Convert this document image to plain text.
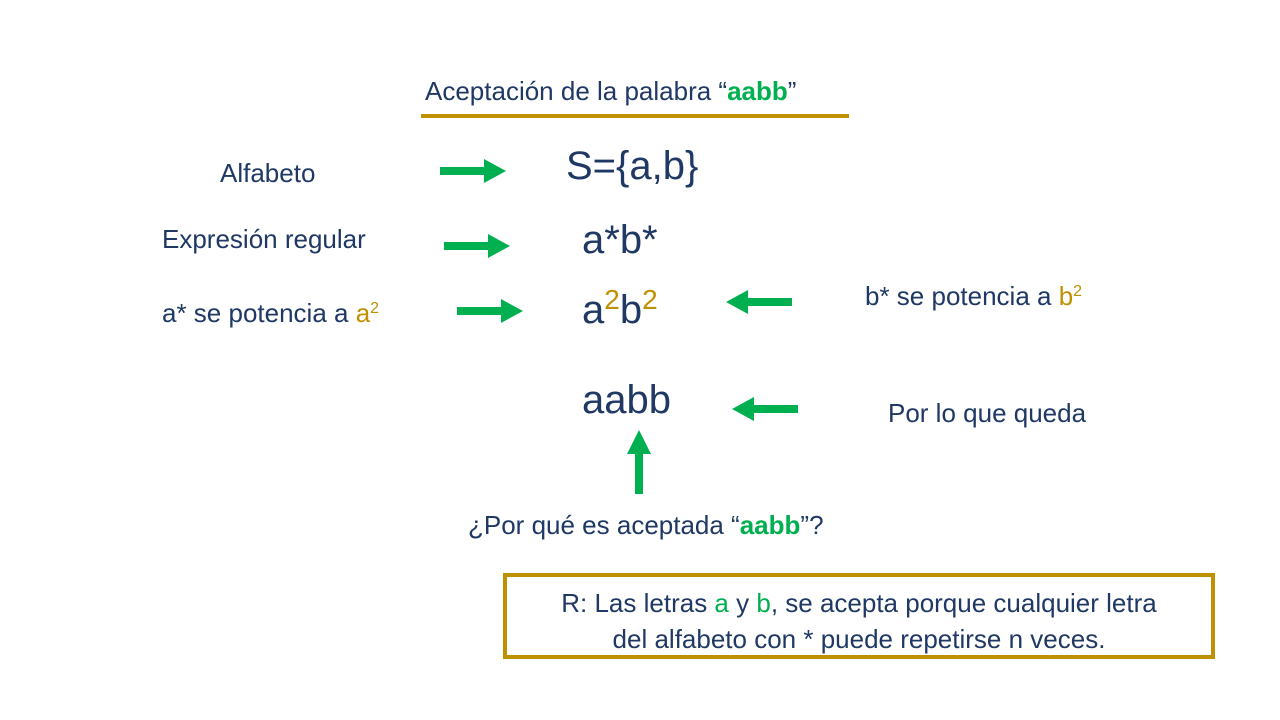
Aceptación de la palabra “aabb”
Alfabeto	S={a,b}
Expresión regular	a*b*
a* se potencia a $a^2$	$a^2b^2$	b* se potencia a $b^2$
aabb	Por lo que queda
¿Por qué es aceptada “aabb”?
R: Las letras a y b, se acepta porque cualquier letra
del alfabeto con * puede repetirse n veces.
